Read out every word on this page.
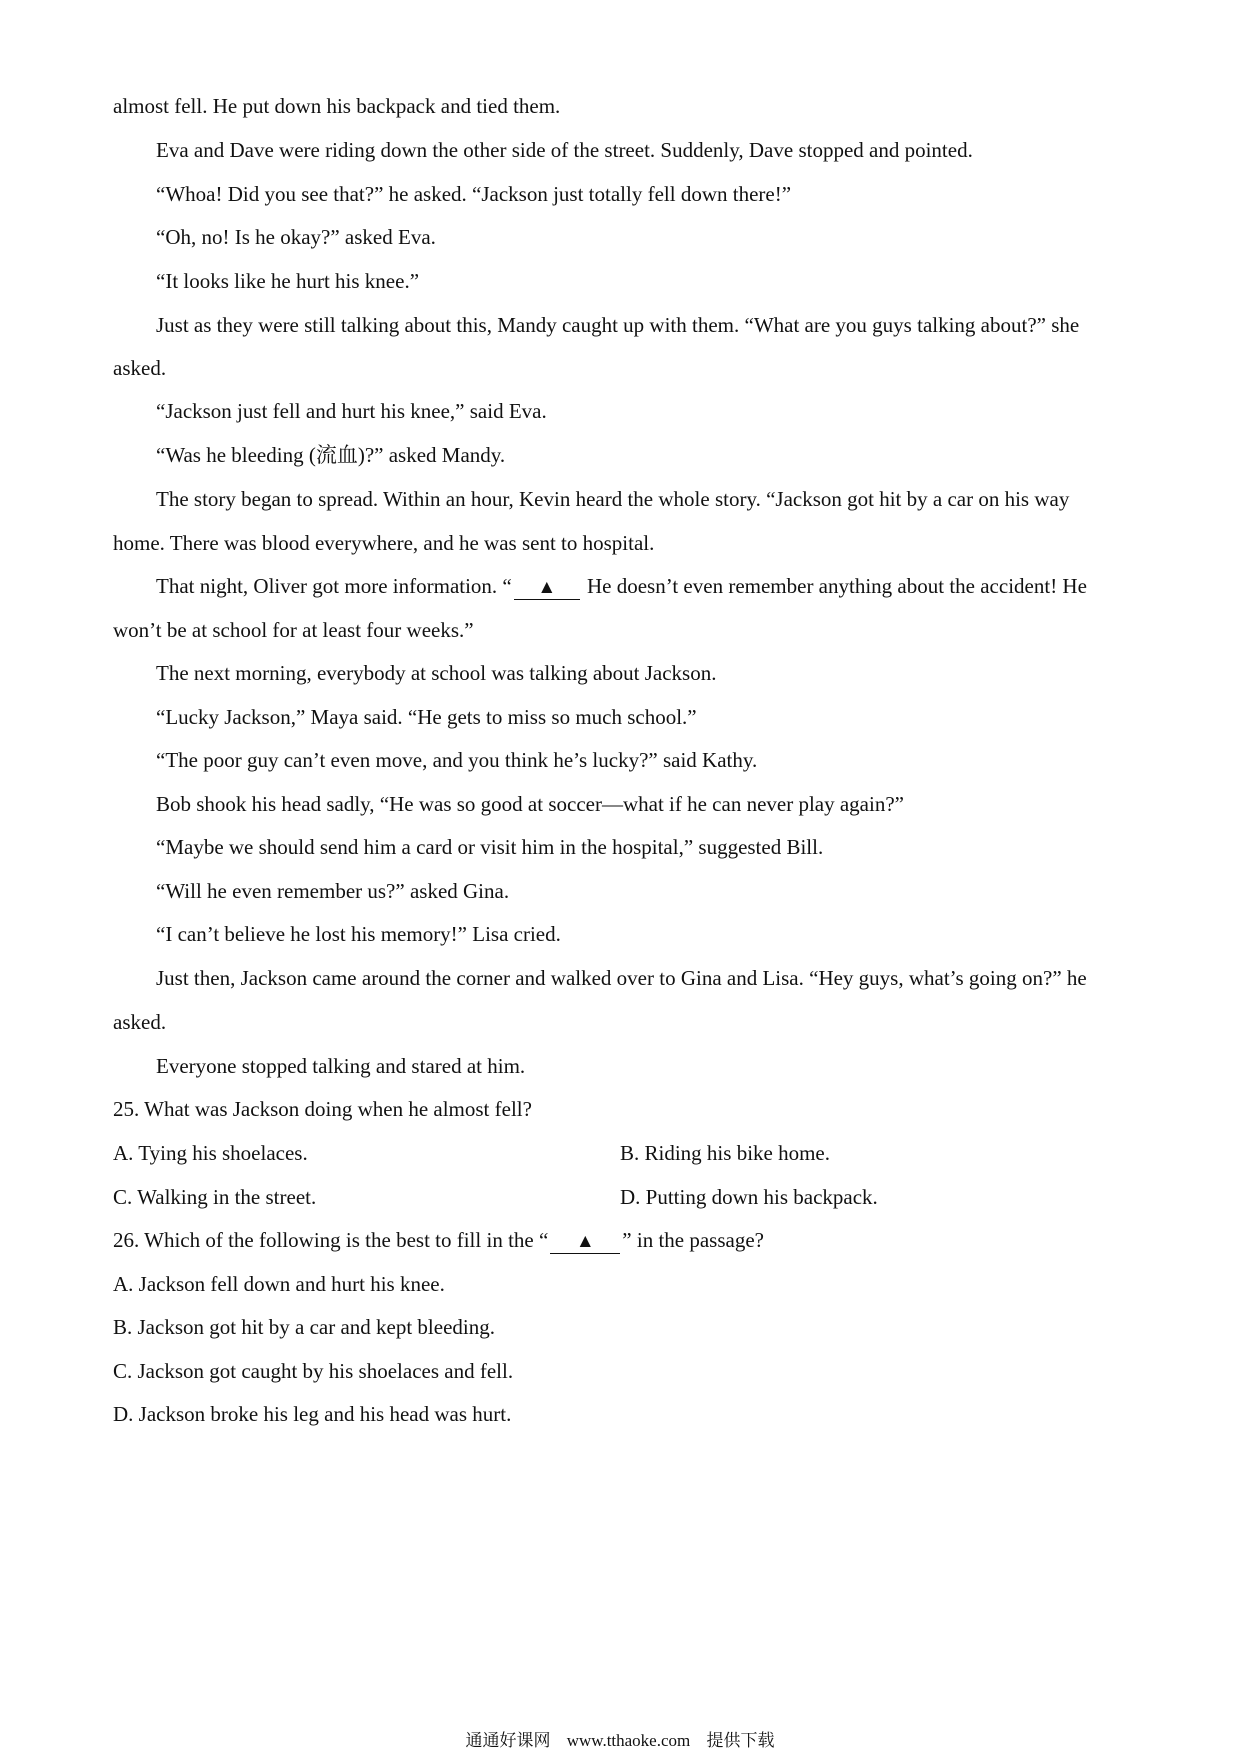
almost fell. He put down his backpack and tied them.
Eva and Dave were riding down the other side of the street. Suddenly, Dave stopped and pointed.
“Whoa! Did you see that?” he asked. “Jackson just totally fell down there!”
“Oh, no! Is he okay?” asked Eva.
“It looks like he hurt his knee.”
Just as they were still talking about this, Mandy caught up with them. “What are you guys talking about?” she
asked.
“Jackson just fell and hurt his knee,” said Eva.
“Was he bleeding (流血)?” asked Mandy.
The story began to spread. Within an hour, Kevin heard the whole story. “Jackson got hit by a car on his way
home. There was blood everywhere, and he was sent to hospital.
That night, Oliver got more information. “ ▲ He doesn’t even remember anything about the accident! He
won’t be at school for at least four weeks.”
The next morning, everybody at school was talking about Jackson.
“Lucky Jackson,” Maya said. “He gets to miss so much school.”
“The poor guy can’t even move, and you think he’s lucky?” said Kathy.
Bob shook his head sadly, “He was so good at soccer—what if he can never play again?”
“Maybe we should send him a card or visit him in the hospital,” suggested Bill.
“Will he even remember us?” asked Gina.
“I can’t believe he lost his memory!” Lisa cried.
Just then, Jackson came around the corner and walked over to Gina and Lisa. “Hey guys, what’s going on?” he
asked.
Everyone stopped talking and stared at him.
25. What was Jackson doing when he almost fell?
A. Tying his shoelaces.	B. Riding his bike home.
C. Walking in the street.	D. Putting down his backpack.
26. Which of the following is the best to fill in the “ ▲ ” in the passage?
A. Jackson fell down and hurt his knee.
B. Jackson got hit by a car and kept bleeding.
C. Jackson got caught by his shoelaces and fell.
D. Jackson broke his leg and his head was hurt.
通通好课网 www.tthaoke.com 提供下载
